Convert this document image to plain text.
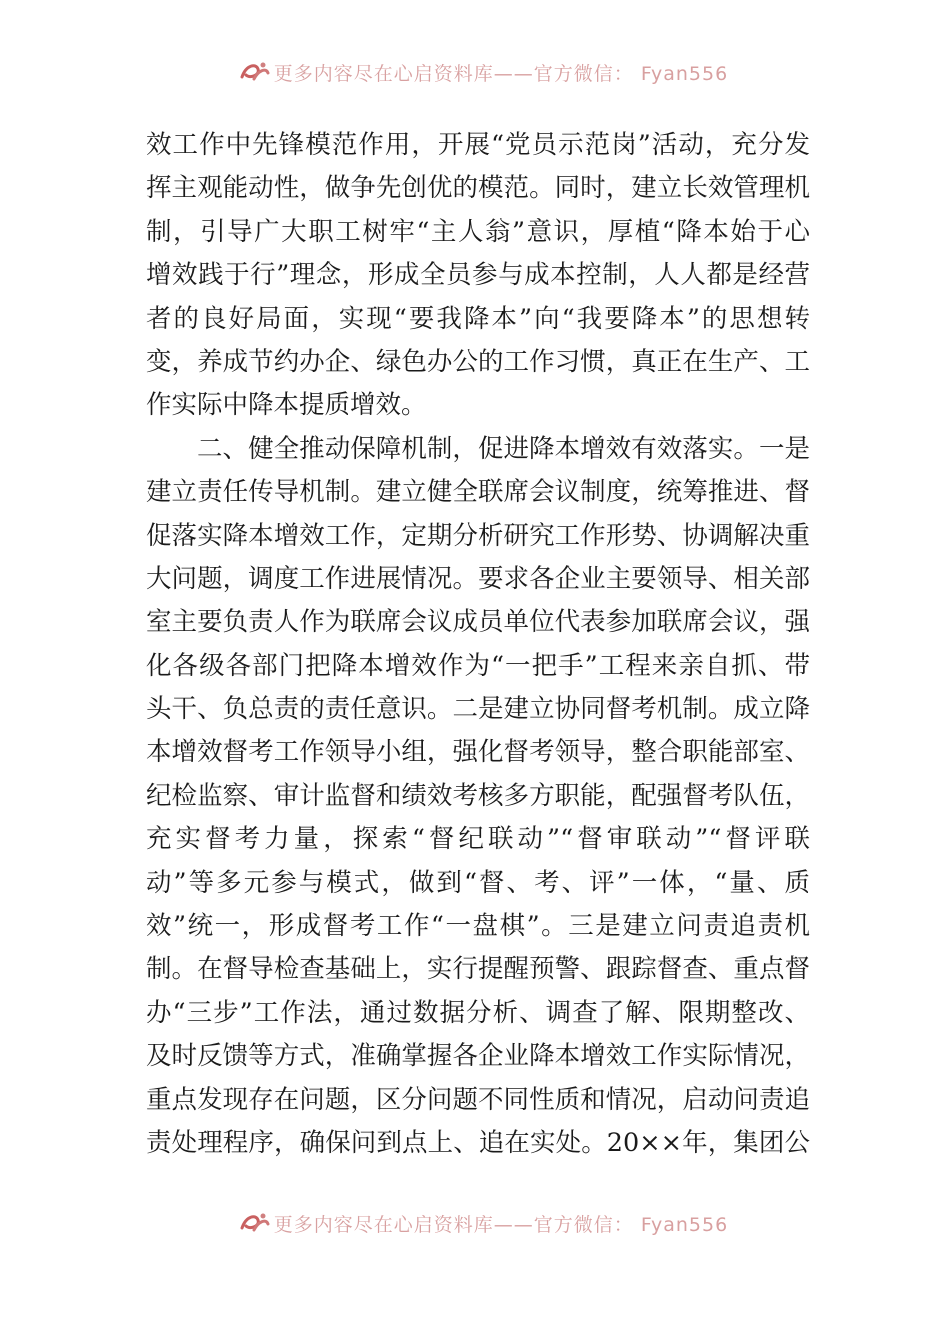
更多内容尽在心启资料库——官方微信： Fyan556
效工作中先锋模范作用，开展“党员示范岗”活动，充分发
挥主观能动性，做争先创优的模范。同时，建立长效管理机
制，引导广大职工树牢“主人翁”意识，厚植“降本始于心
增效践于行”理念，形成全员参与成本控制，人人都是经营
者的良好局面，实现“要我降本”向“我要降本”的思想转
变，养成节约办企、绿色办公的工作习惯，真正在生产、工
作实际中降本提质增效。
二、健全推动保障机制，促进降本增效有效落实。一是
建立责任传导机制。建立健全联席会议制度，统筹推进、督
促落实降本增效工作，定期分析研究工作形势、协调解决重
大问题，调度工作进展情况。要求各企业主要领导、相关部
室主要负责人作为联席会议成员单位代表参加联席会议，强
化各级各部门把降本增效作为“一把手”工程来亲自抓、带
头干、负总责的责任意识。二是建立协同督考机制。成立降
本增效督考工作领导小组，强化督考领导，整合职能部室、
纪检监察、审计监督和绩效考核多方职能，配强督考队伍，
充实督考力量，探索“督纪联动”“督审联动”“督评联
动”等多元参与模式，做到“督、考、评”一体，“量、质
效”统一，形成督考工作“一盘棋”。三是建立问责追责机
制。在督导检查基础上，实行提醒预警、跟踪督查、重点督
办“三步”工作法，通过数据分析、调查了解、限期整改、
及时反馈等方式，准确掌握各企业降本增效工作实际情况，
重点发现存在问题，区分问题不同性质和情况，启动问责追
责处理程序，确保问到点上、追在实处。20××年，集团公
更多内容尽在心启资料库——官方微信： Fyan556
